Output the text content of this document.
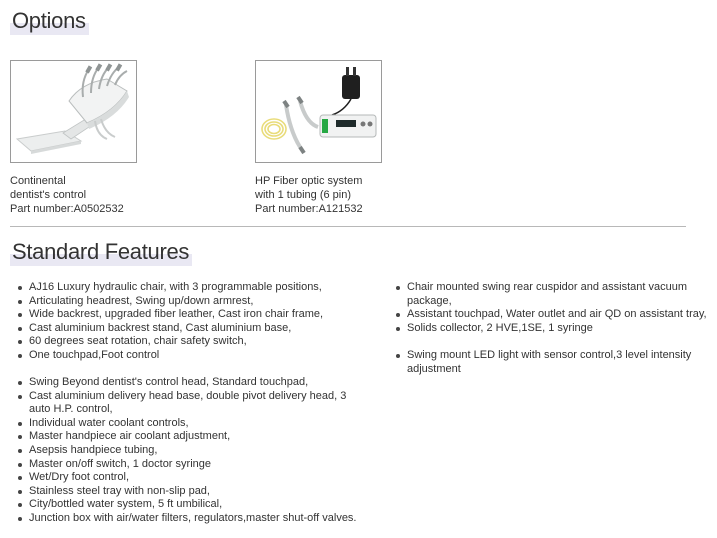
Options
Continental
dentist's control
Part number:A0502532
HP Fiber optic system
with 1 tubing (6 pin)
Part number:A121532
Standard Features
AJ16 Luxury hydraulic chair, with 3 programmable positions,
Articulating headrest, Swing up/down armrest,
Wide backrest, upgraded fiber leather, Cast iron chair frame,
Cast aluminium backrest stand, Cast aluminium base,
60 degrees seat rotation, chair safety switch,
One touchpad,Foot control
Swing Beyond dentist's control head, Standard touchpad,
Cast aluminium delivery head base, double pivot delivery head, 3 auto H.P. control,
Individual water coolant controls,
Master handpiece air coolant adjustment,
Asepsis handpiece tubing,
Master on/off switch, 1 doctor syringe
Wet/Dry foot control,
Stainless steel tray with non-slip pad,
City/bottled water system, 5 ft umbilical,
Junction box with air/water filters, regulators,master shut-off valves.
Chair mounted swing rear cuspidor and assistant vacuum package,
Assistant touchpad, Water outlet and air QD on assistant tray,
Solids collector, 2 HVE,1SE, 1 syringe
Swing mount LED light with sensor control,3 level intensity adjustment
